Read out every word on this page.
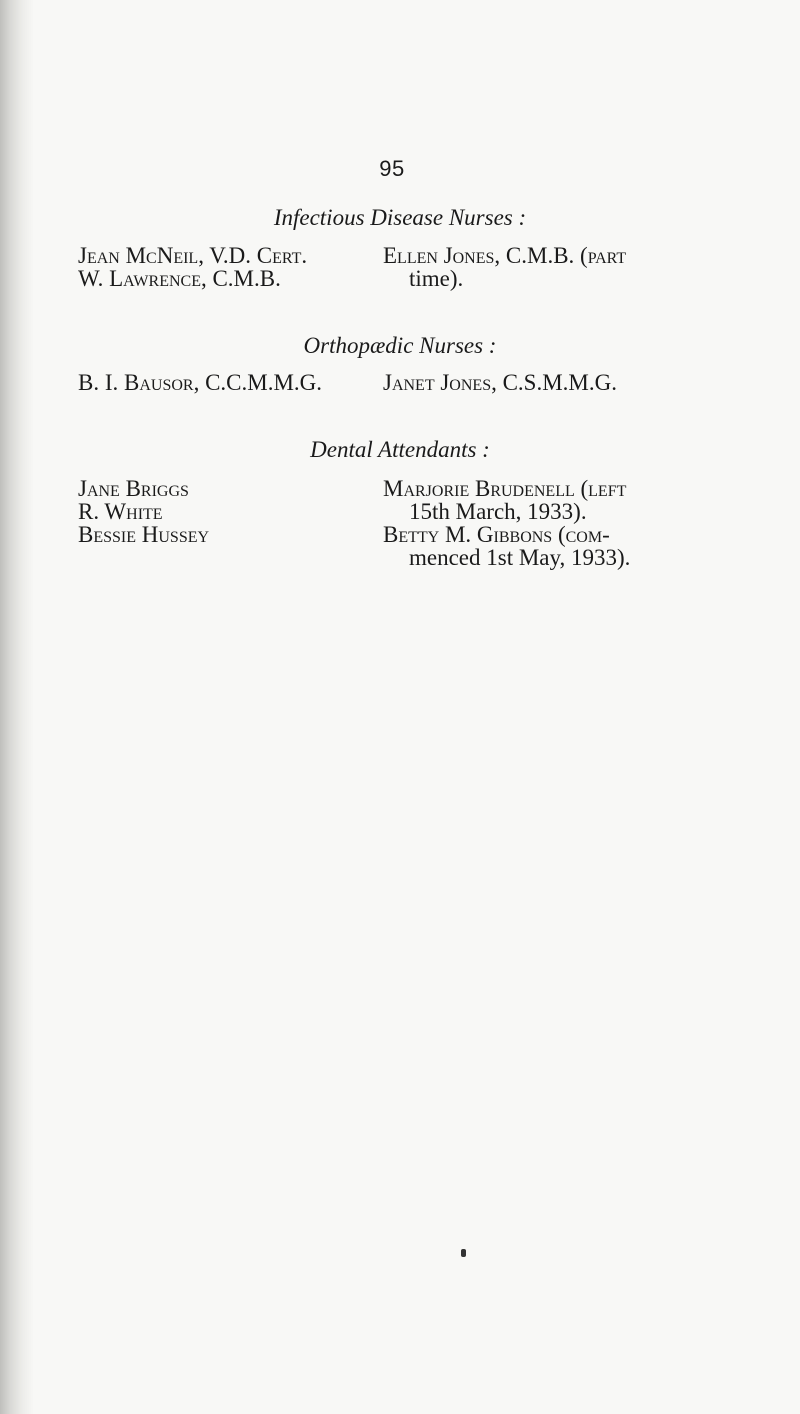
95
Infectious Disease Nurses :
Jean McNeil, V.D. Cert.
W. Lawrence, C.M.B.
Ellen Jones, C.M.B. (part
time).
Orthopædic Nurses :
B. I. Bausor, C.C.M.M.G.	Janet Jones, C.S.M.M.G.
Dental Attendants :
Jane Briggs
R. White
Bessie Hussey
Marjorie Brudenell (left
15th March, 1933).
Betty M. Gibbons (com-
menced 1st May, 1933).
